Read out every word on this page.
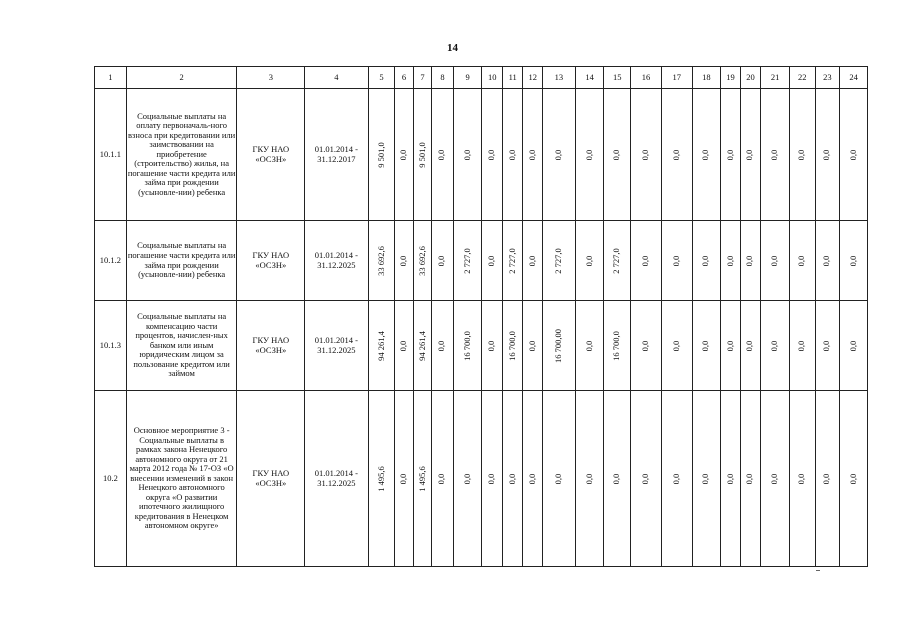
14
1	2	3	4	5	6	7	8	9	10	11	12	13	14	15	16	17	18	19	20	21	22	23	24
10.1.1	Социальные выплаты на оплату первоначаль-ного взноса при кредитовании или заимствовании на приобретение (строительство) жилья, на погашение части кредита или займа при рождении (усыновле-нии) ребенка	ГКУ НАО «ОСЗН»	01.01.2014 - 31.12.2017	9 501,0	0,0	9 501,0	0,0	0,0	0,0	0,0	0,0	0,0	0,0	0,0	0,0	0,0	0,0	0,0	0,0	0,0	0,0	0,0	0,0

10.1.2	Социальные выплаты на погашение части кредита или займа при рождении (усыновле-нии) ребенка	ГКУ НАО «ОСЗН»	01.01.2014 - 31.12.2025	33 692,6	0,0	33 692,6	0,0	2 727,0	0,0	2 727,0	0,0	2 727,0	0,0	2 727,0	0,0	0,0	0,0	0,0	0,0	0,0	0,0	0,0	0,0

10.1.3	Социальные выплаты на компенсацию части процентов, начислен-ных банком или иным юридическим лицом за пользование кредитом или займом	ГКУ НАО «ОСЗН»	01.01.2014 - 31.12.2025	94 261,4	0,0	94 261,4	0,0	16 700,0	0,0	16 700,0	0,0	16 700,00	0,0	16 700,0	0,0	0,0	0,0	0,0	0,0	0,0	0,0	0,0	0,0

10.2	Основное мероприятие 3 - Социальные выплаты в рамках закона Ненецкого автономного округа от 21 марта 2012 года № 17-ОЗ «О внесении изменений в закон Ненецкого автономного округа «О развитии ипотечного жилищного кредитования в Ненецком автономном округе»	ГКУ НАО «ОСЗН»	01.01.2014 - 31.12.2025	1 495,6	0,0	1 495,6	0,0	0,0	0,0	0,0	0,0	0,0	0,0	0,0	0,0	0,0	0,0	0,0	0,0	0,0	0,0	0,0	0,0
